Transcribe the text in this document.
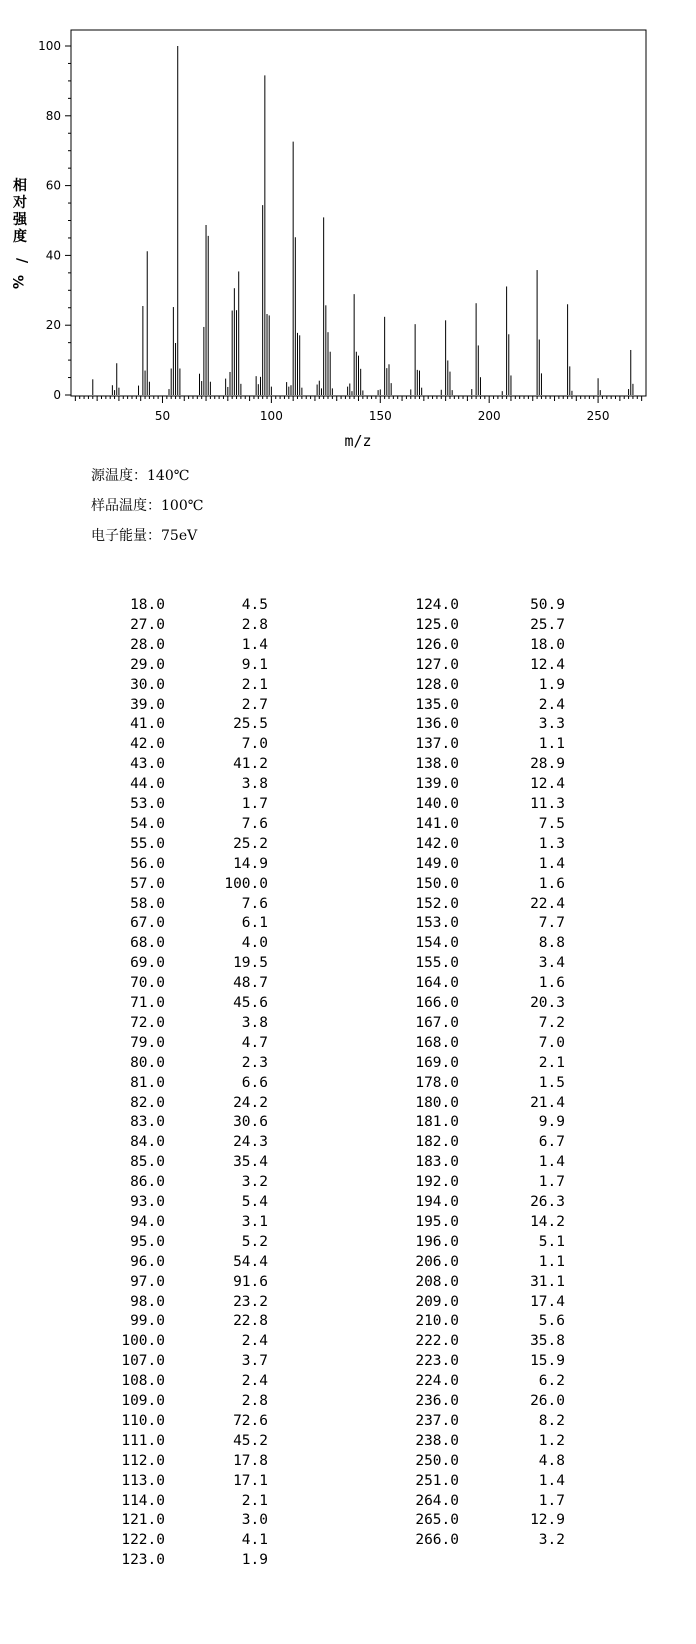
0
20
40
60
80
100
50	100	150	200	250
m/z
相对强度/ %
源温度：140℃
样品温度：100℃
电子能量：75eV
18.0	4.5
27.0	2.8
28.0	1.4
29.0	9.1
30.0	2.1
39.0	2.7
41.0	25.5
42.0	7.0
43.0	41.2
44.0	3.8
53.0	1.7
54.0	7.6
55.0	25.2
56.0	14.9
57.0	100.0
58.0	7.6
67.0	6.1
68.0	4.0
69.0	19.5
70.0	48.7
71.0	45.6
72.0	3.8
79.0	4.7
80.0	2.3
81.0	6.6
82.0	24.2
83.0	30.6
84.0	24.3
85.0	35.4
86.0	3.2
93.0	5.4
94.0	3.1
95.0	5.2
96.0	54.4
97.0	91.6
98.0	23.2
99.0	22.8
100.0	2.4
107.0	3.7
108.0	2.4
109.0	2.8
110.0	72.6
111.0	45.2
112.0	17.8
113.0	17.1
114.0	2.1
121.0	3.0
122.0	4.1
123.0	1.9
124.0	50.9
125.0	25.7
126.0	18.0
127.0	12.4
128.0	1.9
135.0	2.4
136.0	3.3
137.0	1.1
138.0	28.9
139.0	12.4
140.0	11.3
141.0	7.5
142.0	1.3
149.0	1.4
150.0	1.6
152.0	22.4
153.0	7.7
154.0	8.8
155.0	3.4
164.0	1.6
166.0	20.3
167.0	7.2
168.0	7.0
169.0	2.1
178.0	1.5
180.0	21.4
181.0	9.9
182.0	6.7
183.0	1.4
192.0	1.7
194.0	26.3
195.0	14.2
196.0	5.1
206.0	1.1
208.0	31.1
209.0	17.4
210.0	5.6
222.0	35.8
223.0	15.9
224.0	6.2
236.0	26.0
237.0	8.2
238.0	1.2
250.0	4.8
251.0	1.4
264.0	1.7
265.0	12.9
266.0	3.2
